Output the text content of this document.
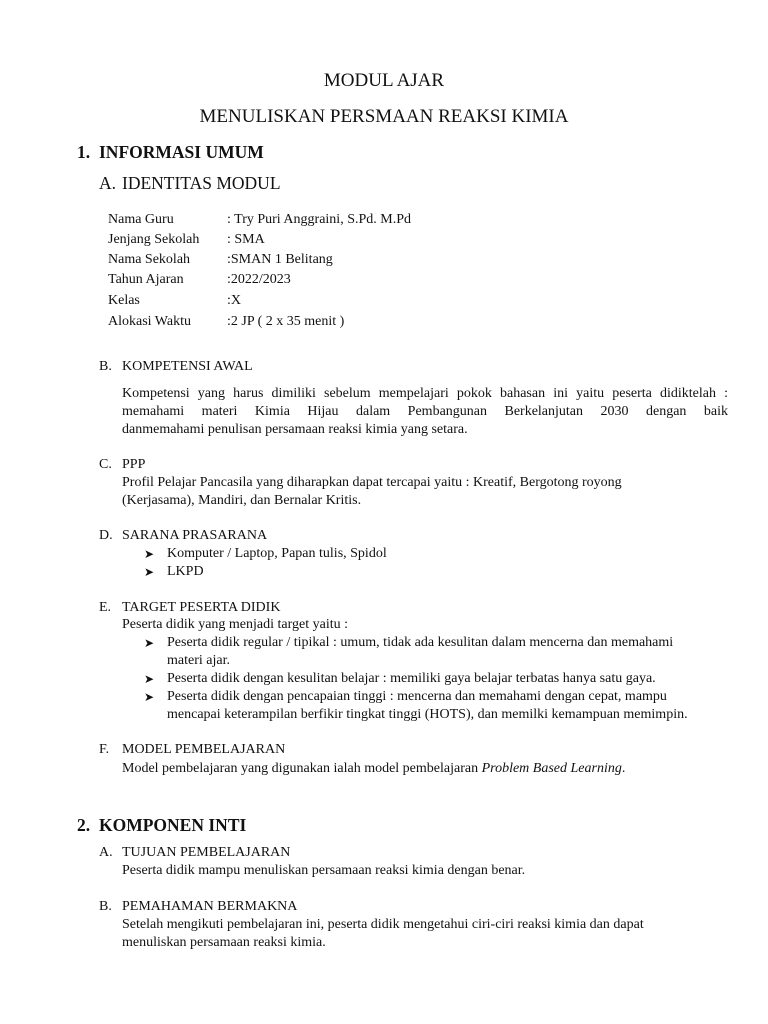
MODUL AJAR
MENULISKAN PERSMAAN REAKSI KIMIA
1. INFORMASI UMUM
A. IDENTITAS MODUL
Nama Guru	: Try Puri Anggraini, S.Pd. M.Pd
Jenjang Sekolah : SMA
Nama Sekolah	:SMAN 1 Belitang
Tahun Ajaran	:2022/2023
Kelas	:X
Alokasi Waktu	:2 JP ( 2 x 35 menit )
B. KOMPETENSI AWAL
Kompetensi yang harus dimiliki sebelum mempelajari pokok bahasan ini yaitu peserta didiktelah :
memahami materi Kimia Hijau dalam Pembangunan Berkelanjutan 2030 dengan baik
danmemahami penulisan persamaan reaksi kimia yang setara.
C. PPP
Profil Pelajar Pancasila yang diharapkan dapat tercapai yaitu : Kreatif, Bergotong royong
(Kerjasama), Mandiri, dan Bernalar Kritis.
D. SARANA PRASARANA
➤ Komputer / Laptop, Papan tulis, Spidol
➤ LKPD
E. TARGET PESERTA DIDIK
Peserta didik yang menjadi target yaitu :
➤ Peserta didik regular / tipikal : umum, tidak ada kesulitan dalam mencerna dan memahami
materi ajar.
➤ Peserta didik dengan kesulitan belajar : memiliki gaya belajar terbatas hanya satu gaya.
➤ Peserta didik dengan pencapaian tinggi : mencerna dan memahami dengan cepat, mampu
mencapai keterampilan berfikir tingkat tinggi (HOTS), dan memilki kemampuan memimpin.
F. MODEL PEMBELAJARAN
Model pembelajaran yang digunakan ialah model pembelajaran Problem Based Learning.
2. KOMPONEN INTI
A. TUJUAN PEMBELAJARAN
Peserta didik mampu menuliskan persamaan reaksi kimia dengan benar.
B. PEMAHAMAN BERMAKNA
Setelah mengikuti pembelajaran ini, peserta didik mengetahui ciri-ciri reaksi kimia dan dapat
menuliskan persamaan reaksi kimia.
